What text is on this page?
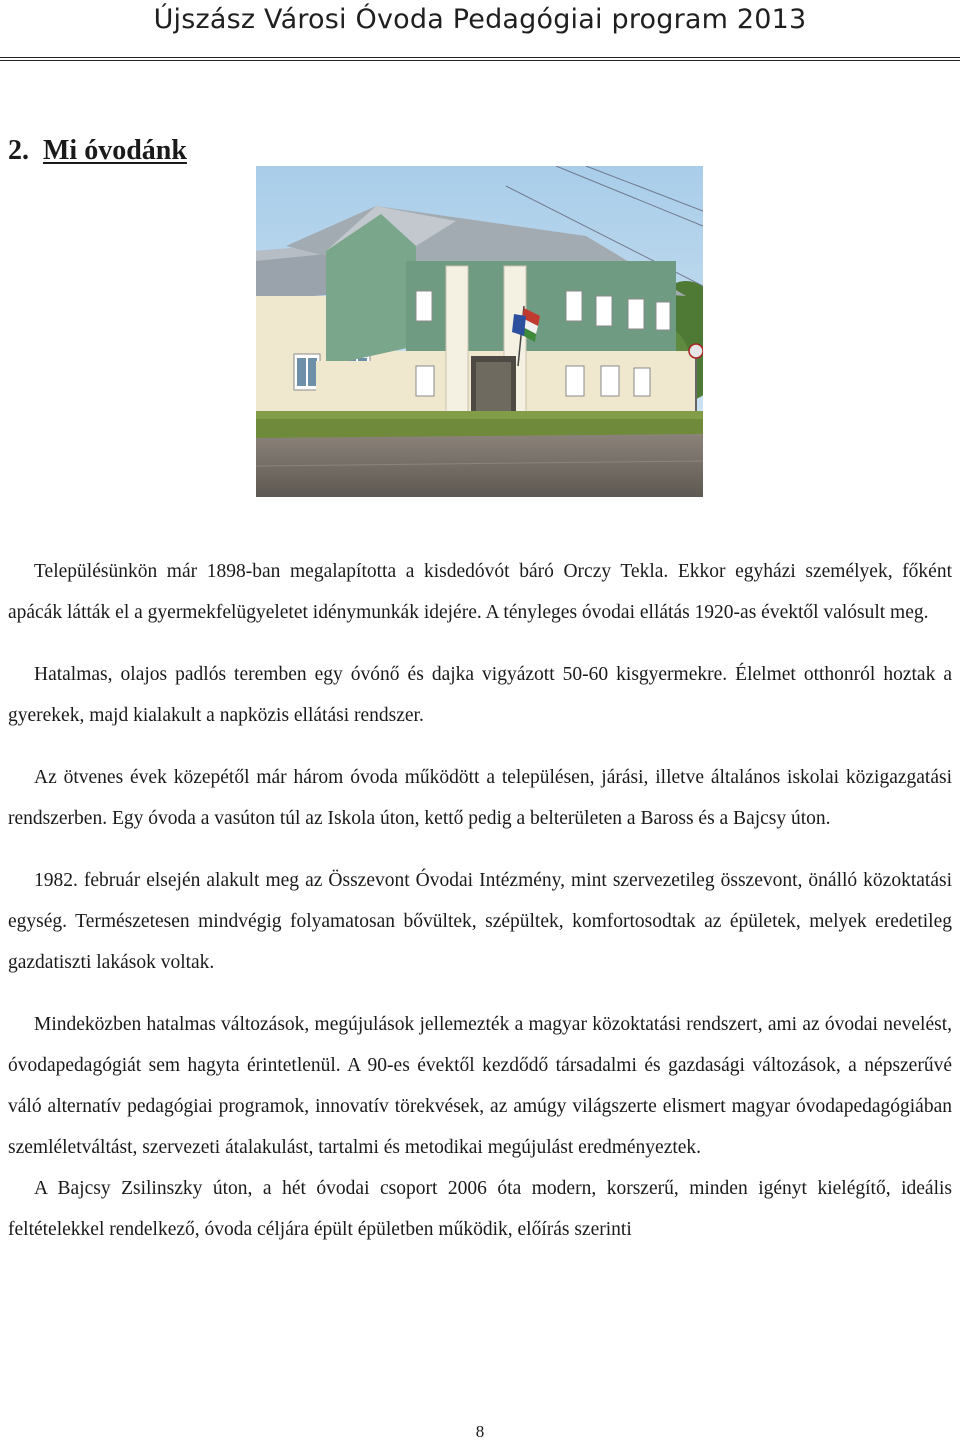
Újszász Városi Óvoda Pedagógiai program 2013
2. Mi óvodánk

Településünkön már 1898-ban megalapította a kisdedóvót báró Orczy Tekla. Ekkor egyházi személyek, főként apácák látták el a gyermekfelügyeletet idénymunkák idejére. A tényleges óvodai ellátás 1920-as évektől valósult meg.

Hatalmas, olajos padlós teremben egy óvónő és dajka vigyázott 50-60 kisgyermekre. Élelmet otthonról hoztak a gyerekek, majd kialakult a napközis ellátási rendszer.

Az ötvenes évek közepétől már három óvoda működött a településen, járási, illetve általános iskolai közigazgatási rendszerben. Egy óvoda a vasúton túl az Iskola úton, kettő pedig a belterületen a Baross és a Bajcsy úton.

1982. február elsején alakult meg az Összevont Óvodai Intézmény, mint szervezetileg összevont, önálló közoktatási egység. Természetesen mindvégig folyamatosan bővültek, szépültek, komfortosodtak az épületek, melyek eredetileg gazdatiszti lakások voltak.

Mindeközben hatalmas változások, megújulások jellemezték a magyar közoktatási rendszert, ami az óvodai nevelést, óvodapedagógiát sem hagyta érintetlenül. A 90-es évektől kezdődő társadalmi és gazdasági változások, a népszerűvé váló alternatív pedagógiai programok, innovatív törekvések, az amúgy világszerte elismert magyar óvodapedagógiában szemléletváltást, szervezeti átalakulást, tartalmi és metodikai megújulást eredményeztek.

A Bajcsy Zsilinszky úton, a hét óvodai csoport 2006 óta modern, korszerű, minden igényt kielégítő, ideális feltételekkel rendelkező, óvoda céljára épült épületben működik, előírás szerinti

8
